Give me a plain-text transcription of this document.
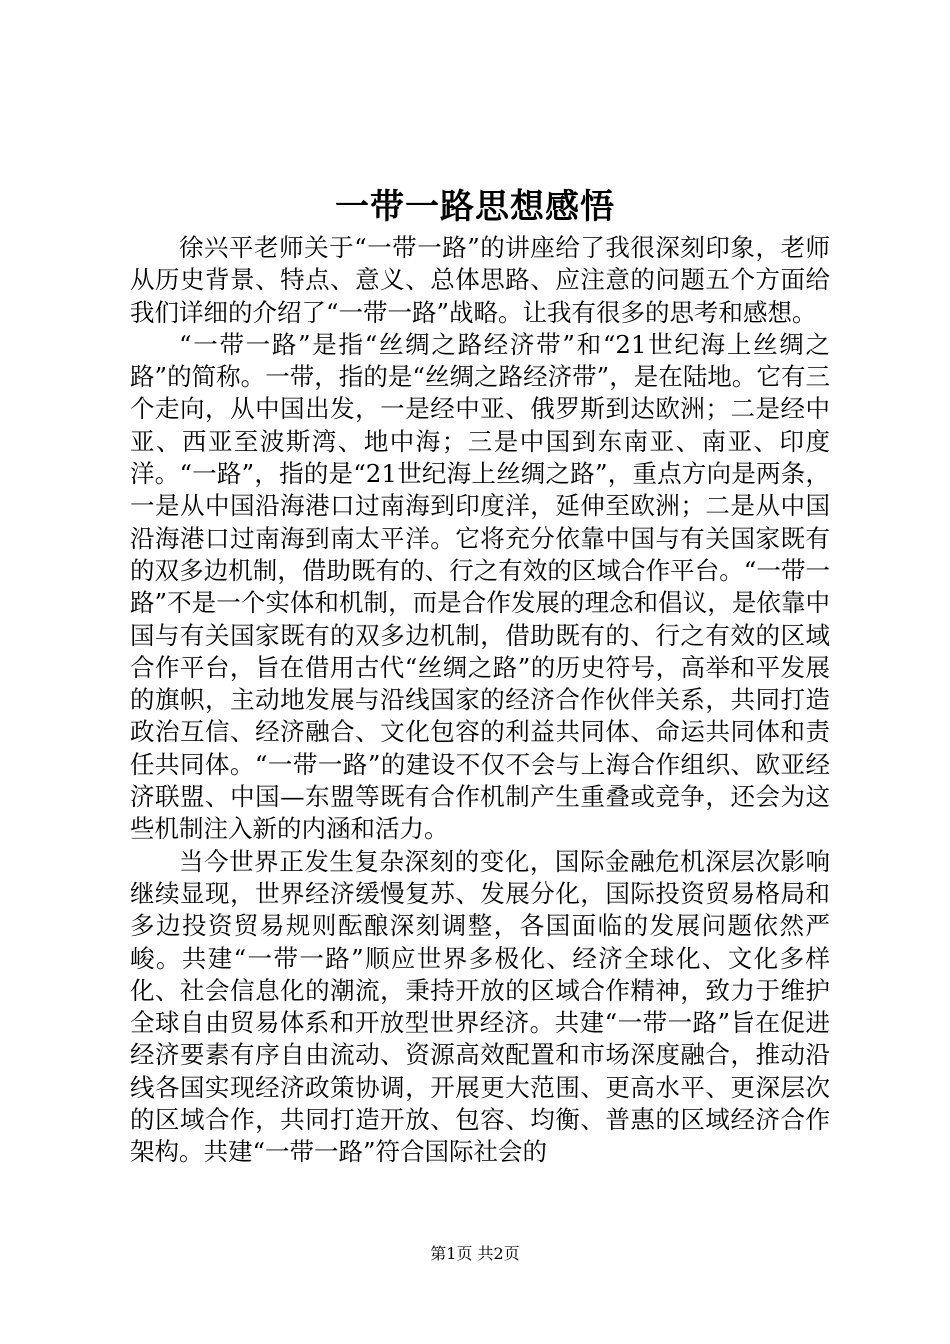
一带一路思想感悟

徐兴平老师关于“一带一路”的讲座给了我很深刻印象，老师从历史背景、特点、意义、总体思路、应注意的问题五个方面给我们详细的介绍了“一带一路”战略。让我有很多的思考和感想。

“一带一路”是指“丝绸之路经济带”和“21世纪海上丝绸之路”的简称。一带，指的是“丝绸之路经济带”，是在陆地。它有三个走向，从中国出发，一是经中亚、俄罗斯到达欧洲；二是经中亚、西亚至波斯湾、地中海；三是中国到东南亚、南亚、印度洋。“一路”，指的是“21世纪海上丝绸之路”，重点方向是两条，一是从中国沿海港口过南海到印度洋，延伸至欧洲；二是从中国沿海港口过南海到南太平洋。它将充分依靠中国与有关国家既有的双多边机制，借助既有的、行之有效的区域合作平台。“一带一路”不是一个实体和机制，而是合作发展的理念和倡议，是依靠中国与有关国家既有的双多边机制，借助既有的、行之有效的区域合作平台，旨在借用古代“丝绸之路”的历史符号，高举和平发展的旗帜，主动地发展与沿线国家的经济合作伙伴关系，共同打造政治互信、经济融合、文化包容的利益共同体、命运共同体和责任共同体。“一带一路”的建设不仅不会与上海合作组织、欧亚经济联盟、中国—东盟等既有合作机制产生重叠或竞争，还会为这些机制注入新的内涵和活力。

当今世界正发生复杂深刻的变化，国际金融危机深层次影响继续显现，世界经济缓慢复苏、发展分化，国际投资贸易格局和多边投资贸易规则酝酿深刻调整，各国面临的发展问题依然严峻。共建“一带一路”顺应世界多极化、经济全球化、文化多样化、社会信息化的潮流，秉持开放的区域合作精神，致力于维护全球自由贸易体系和开放型世界经济。共建“一带一路”旨在促进经济要素有序自由流动、资源高效配置和市场深度融合，推动沿线各国实现经济政策协调，开展更大范围、更高水平、更深层次的区域合作，共同打造开放、包容、均衡、普惠的区域经济合作架构。共建“一带一路”符合国际社会的

第1页 共2页
